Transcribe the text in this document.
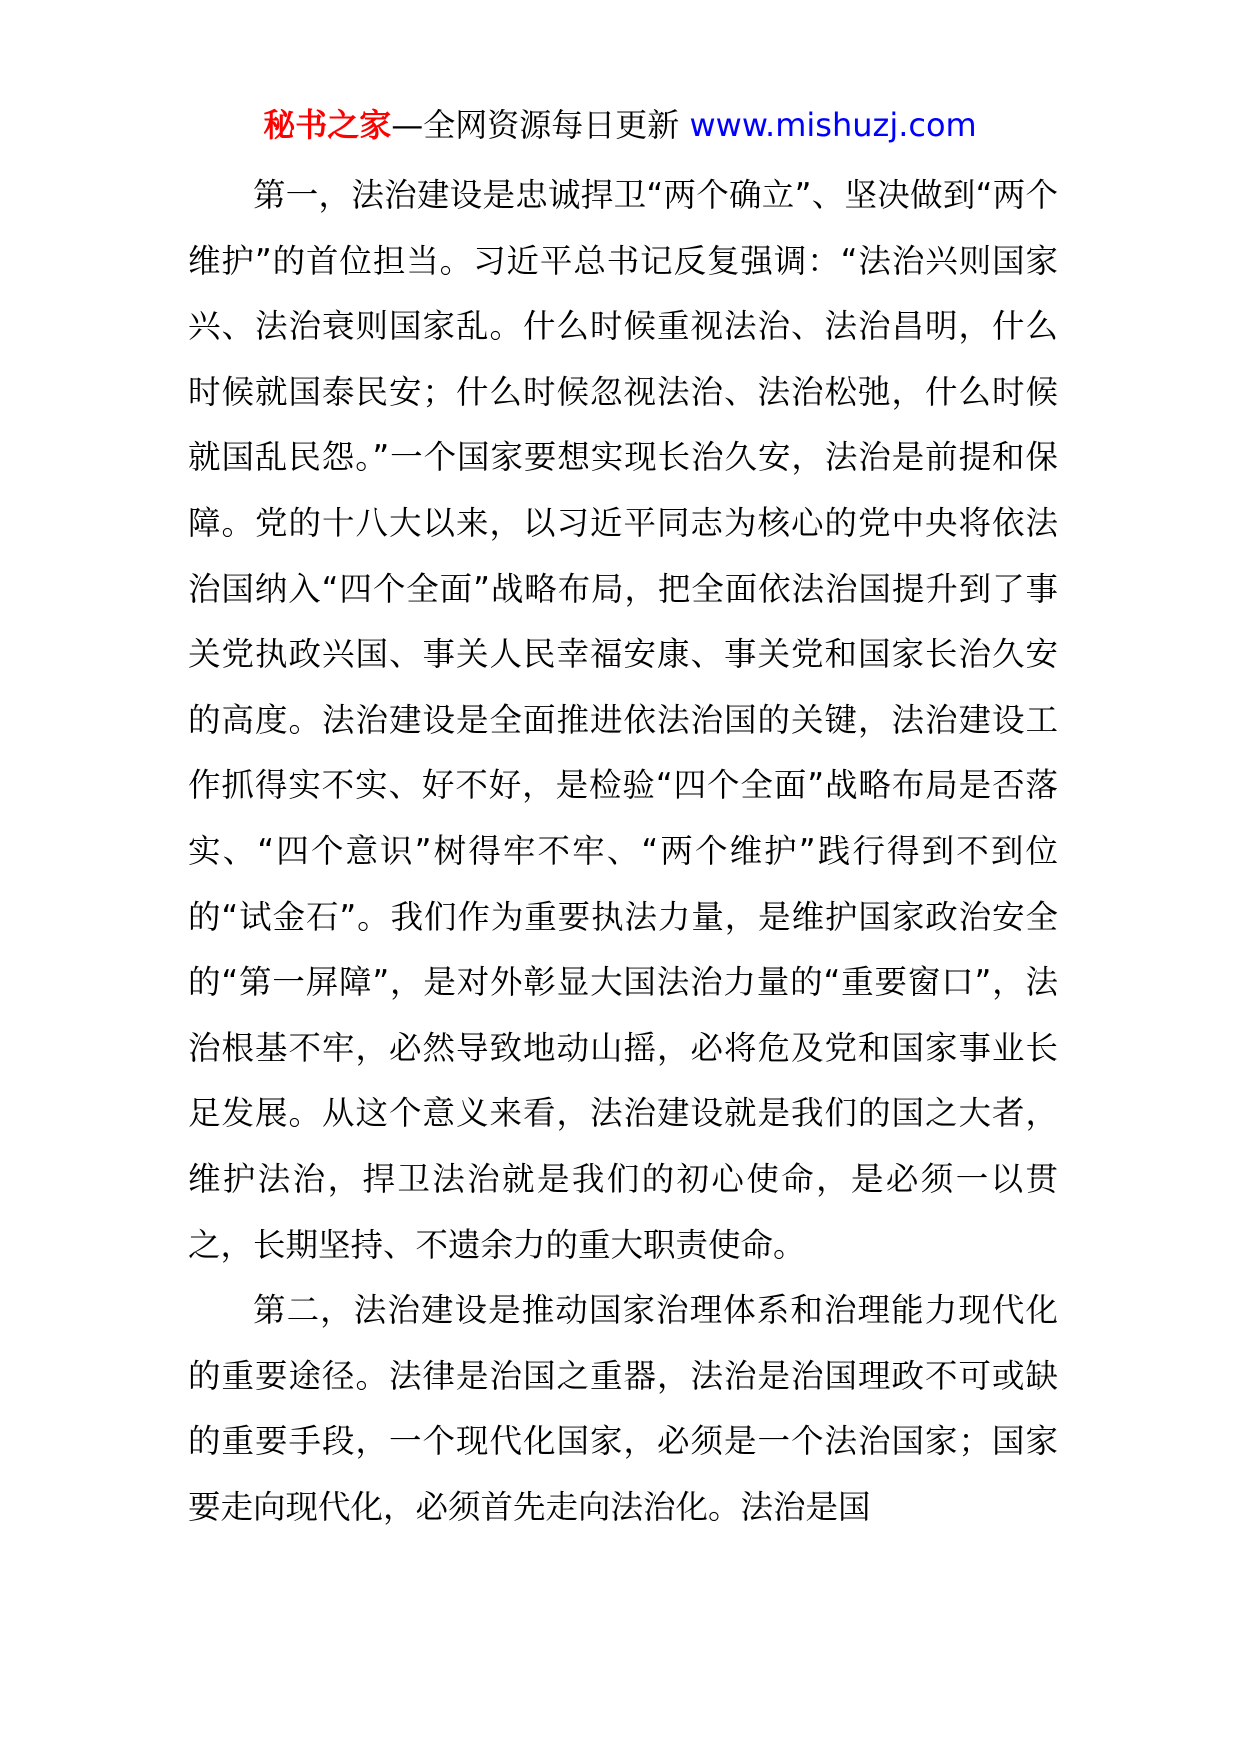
秘书之家—全网资源每日更新 www.mishuzj.com

第一，法治建设是忠诚捍卫“两个确立”、坚决做到“两个维护”的首位担当。习近平总书记反复强调：“法治兴则国家兴、法治衰则国家乱。什么时候重视法治、法治昌明，什么时候就国泰民安；什么时候忽视法治、法治松弛，什么时候就国乱民怨。”一个国家要想实现长治久安，法治是前提和保障。党的十八大以来，以习近平同志为核心的党中央将依法治国纳入“四个全面”战略布局，把全面依法治国提升到了事关党执政兴国、事关人民幸福安康、事关党和国家长治久安的高度。法治建设是全面推进依法治国的关键，法治建设工作抓得实不实、好不好，是检验“四个全面”战略布局是否落实、“四个意识”树得牢不牢、“两个维护”践行得到不到位的“试金石”。我们作为重要执法力量，是维护国家政治安全的“第一屏障”，是对外彰显大国法治力量的“重要窗口”，法治根基不牢，必然导致地动山摇，必将危及党和国家事业长足发展。从这个意义来看，法治建设就是我们的国之大者，维护法治，捍卫法治就是我们的初心使命，是必须一以贯之，长期坚持、不遗余力的重大职责使命。

第二，法治建设是推动国家治理体系和治理能力现代化的重要途径。法律是治国之重器，法治是治国理政不可或缺的重要手段，一个现代化国家，必须是一个法治国家；国家要走向现代化，必须首先走向法治化。法治是国
